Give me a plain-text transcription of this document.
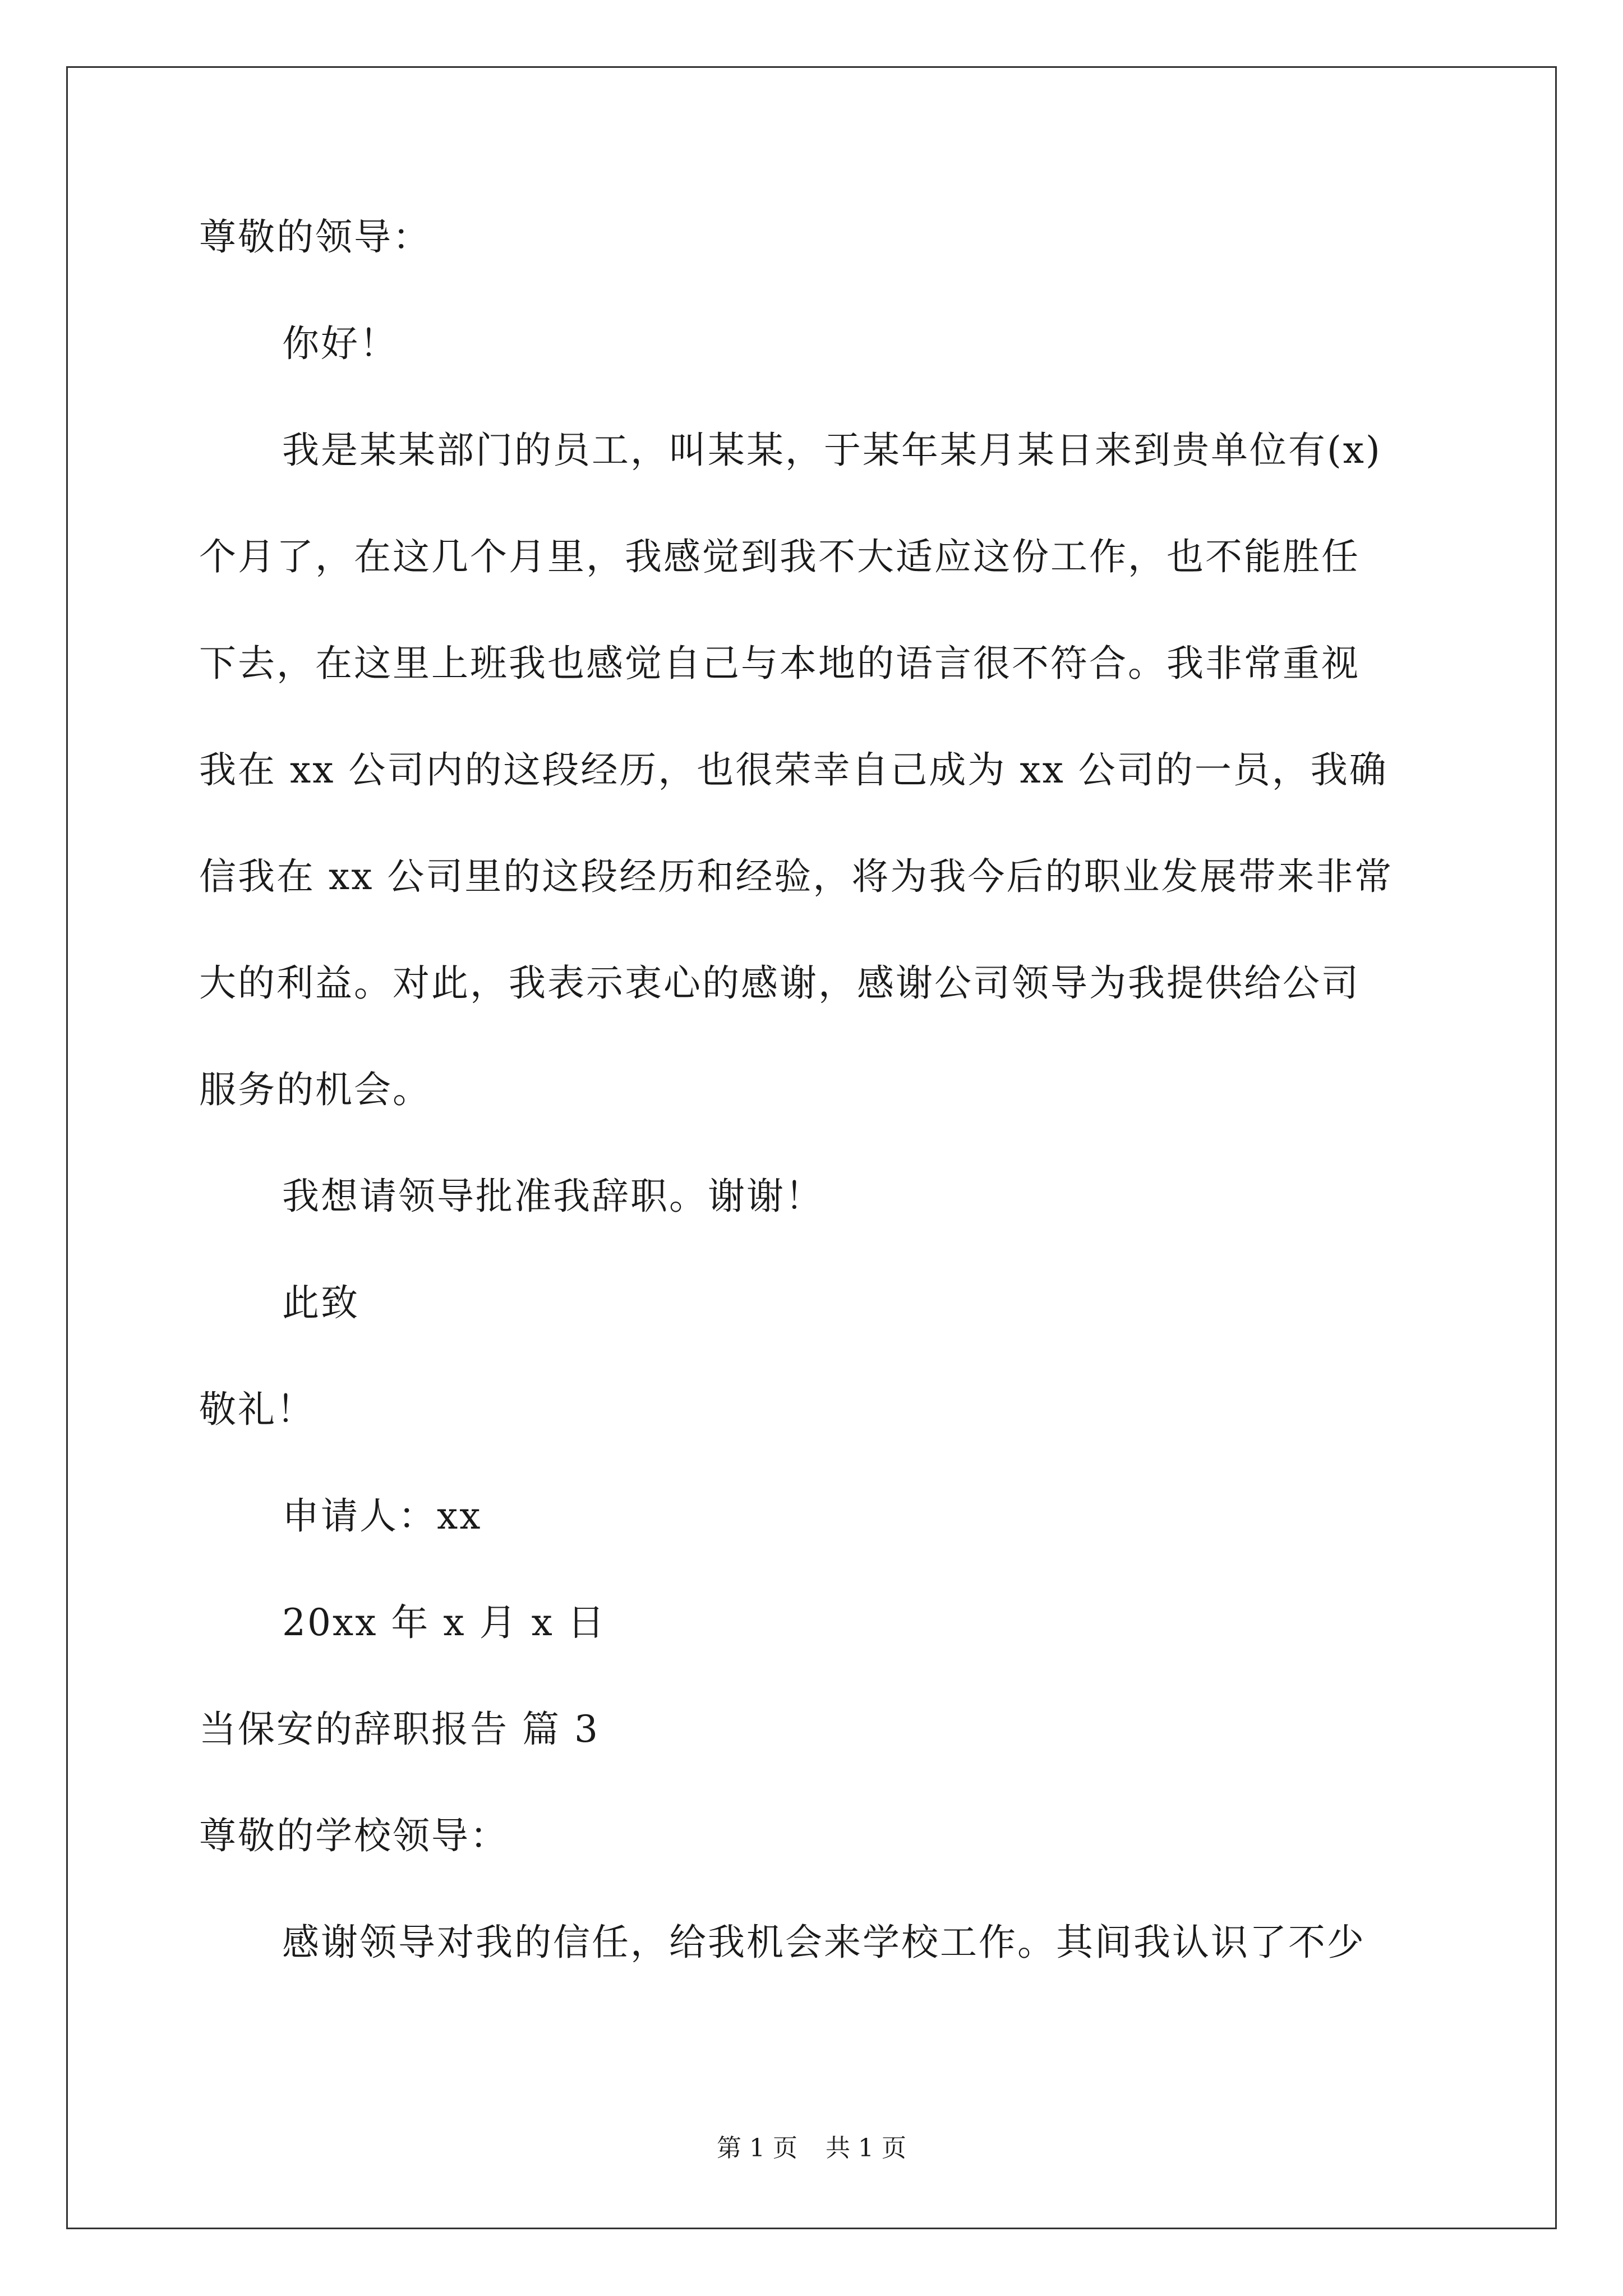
尊敬的领导：
你好！
我是某某部门的员工，叫某某，于某年某月某日来到贵单位有(x)
个月了，在这几个月里，我感觉到我不大适应这份工作，也不能胜任
下去，在这里上班我也感觉自己与本地的语言很不符合。我非常重视
我在 xx 公司内的这段经历，也很荣幸自己成为 xx 公司的一员，我确
信我在 xx 公司里的这段经历和经验，将为我今后的职业发展带来非常
大的利益。对此，我表示衷心的感谢，感谢公司领导为我提供给公司
服务的机会。
我想请领导批准我辞职。谢谢！
此致
敬礼！
申请人：xx
20xx 年 x 月 x 日
当保安的辞职报告 篇 3
尊敬的学校领导：
感谢领导对我的信任，给我机会来学校工作。其间我认识了不少
第 1 页 共 1 页
